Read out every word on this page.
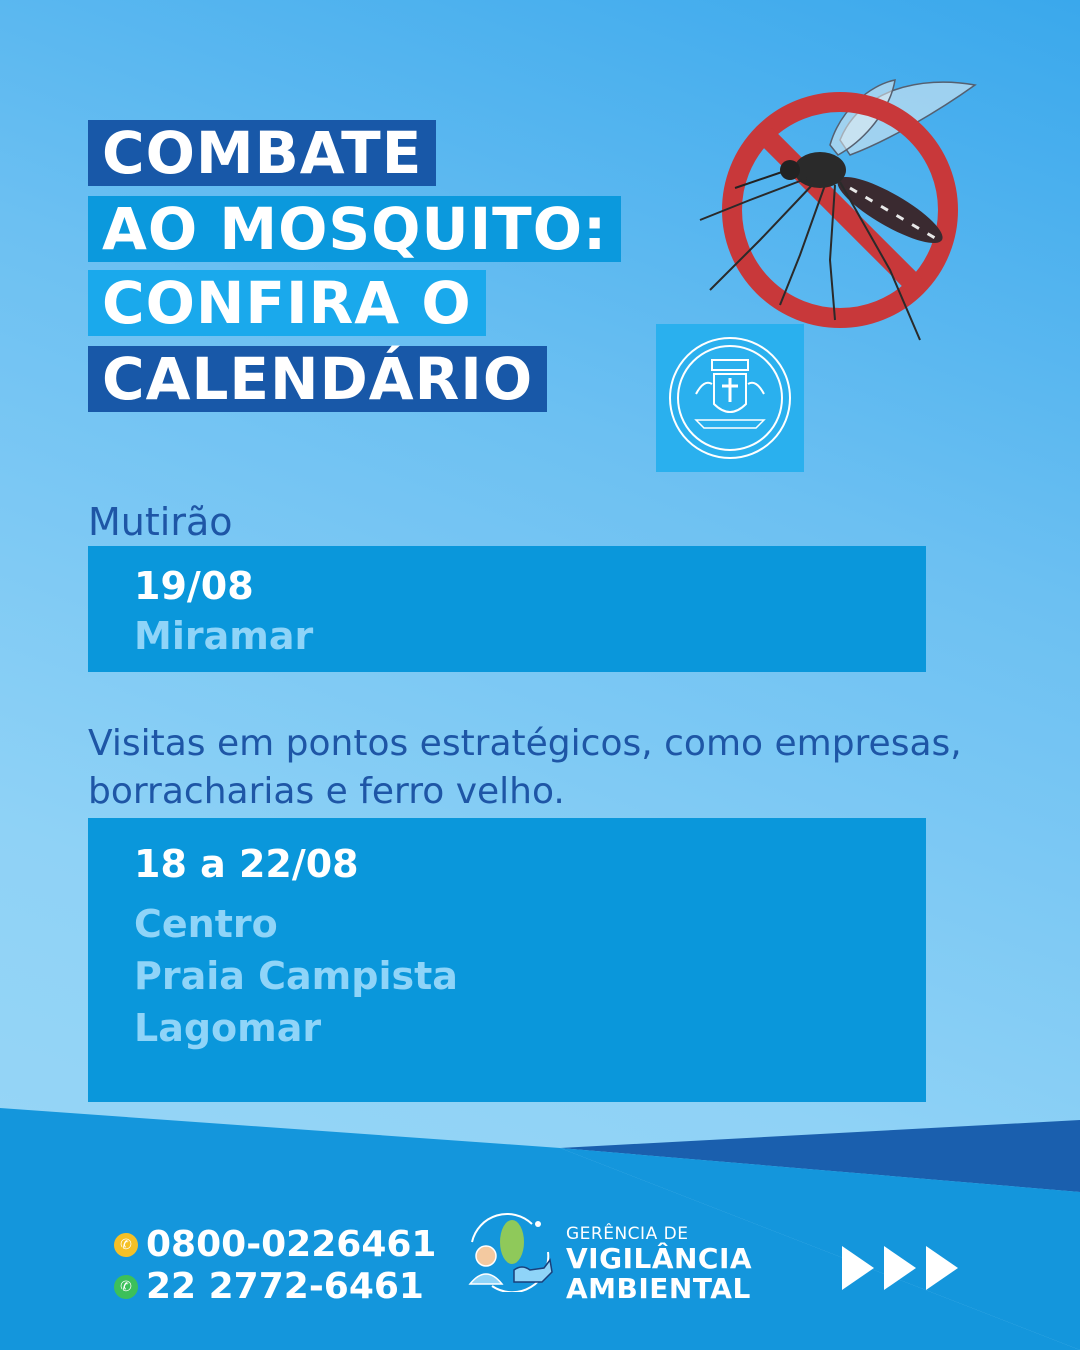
COMBATE
AO MOSQUITO:
CONFIRA O
CALENDÁRIO
Mutirão
19/08
Miramar
Visitas em pontos estratégicos, como empresas, borracharias e ferro velho.
18 a 22/08
Centro
Praia Campista
Lagomar
✆ 0800-0226461
✆ 22 2772-6461
GERÊNCIA DE
VIGILÂNCIA
AMBIENTAL
